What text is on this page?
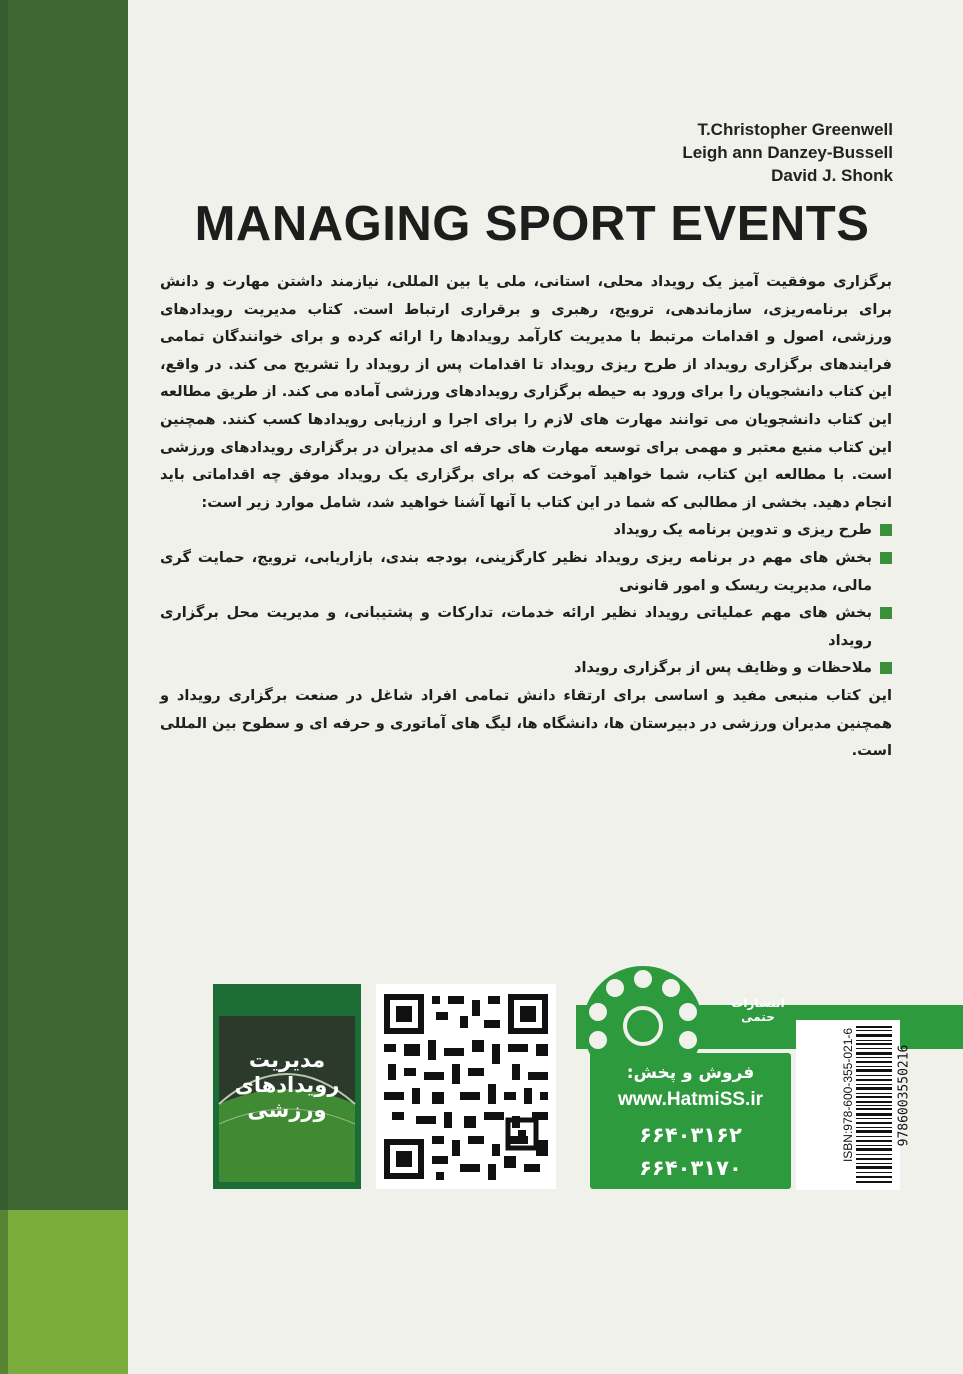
T.Christopher Greenwell
Leigh ann Danzey-Bussell
David J. Shonk
MANAGING SPORT EVENTS

برگزاری موفقیت آمیز یک رویداد محلی، استانی، ملی یا بین المللی، نیازمند داشتن مهارت و دانش برای برنامه‌ریزی، سازماندهی، ترویج، رهبری و برقراری ارتباط است. کتاب مدیریت رویدادهای ورزشی، اصول و اقدامات مرتبط با مدیریت کارآمد رویدادها را ارائه کرده و برای خوانندگان تمامی فرایندهای برگزاری رویداد از طرح ریزی رویداد تا اقدامات پس از رویداد را تشریح می کند. در واقع، این کتاب دانشجویان را برای ورود به حیطه برگزاری رویدادهای ورزشی آماده می کند. از طریق مطالعه این کتاب دانشجویان می توانند مهارت های لازم را برای اجرا و ارزیابی رویدادها کسب کنند. همچنین این کتاب منبع معتبر و مهمی برای توسعه مهارت های حرفه ای مدیران در برگزاری رویدادهای ورزشی است. با مطالعه این کتاب، شما خواهید آموخت که برای برگزاری یک رویداد موفق چه اقداماتی باید انجام دهید. بخشی از مطالبی که شما در این کتاب با آنها آشنا خواهید شد، شامل موارد زیر است:

طرح ریزی و تدوین برنامه یک رویداد
بخش های مهم در برنامه ریزی رویداد نظیر کارگزینی، بودجه بندی، بازاریابی، ترویج، حمایت گری مالی، مدیریت ریسک و امور قانونی
بخش های مهم عملیاتی رویداد نظیر ارائه خدمات، تدارکات و پشتیبانی، و مدیریت محل برگزاری رویداد
ملاحظات و وظایف پس از برگزاری رویداد

این کتاب منبعی مفید و اساسی برای ارتقاء دانش تمامی افراد شاغل در صنعت برگزاری رویداد و همچنین مدیران ورزشی در دبیرستان ها، دانشگاه ها، لیگ های آماتوری و حرفه ای و سطوح بین المللی است.

مدیریت
رویدادهای
ورزشی
انتشارات حتمی
فروش و پخش:
www.HatmiSS.ir
۶۶۴۰۳۱۶۲
۶۶۴۰۳۱۷۰
ISBN:978-600-355-021-6	9786003550216
